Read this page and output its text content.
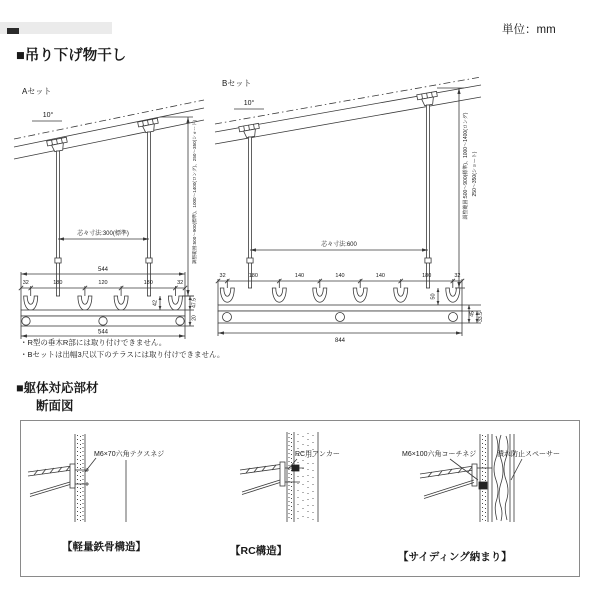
単位：mm
■吊り下げ物干し
Aセット
10°
調整範囲:500〜900(標準)、1000〜1400(ロング)、250〜350(ショート)
芯々寸法:300(標準)
544
32	180	120	180	32
42	47.5
20
544
Bセット
10°
調整範囲:500〜900(標準)、1000〜1400(ロング) 250〜350(ショート)
芯々寸法:600
32	180	140	140	140	180	32
50
45 33.5
844
・R型の垂木R部には取り付けできません。
・Bセットは出幅3尺以下のテラスには取り付けできません。
■躯体対応部材
断面図
M6×70六角テクスネジ
【軽量鉄骨構造】
RC用アンカー
【RC構造】
M6×100六角コーチネジ	潰れ防止スペーサー
【サイディング納まり】
